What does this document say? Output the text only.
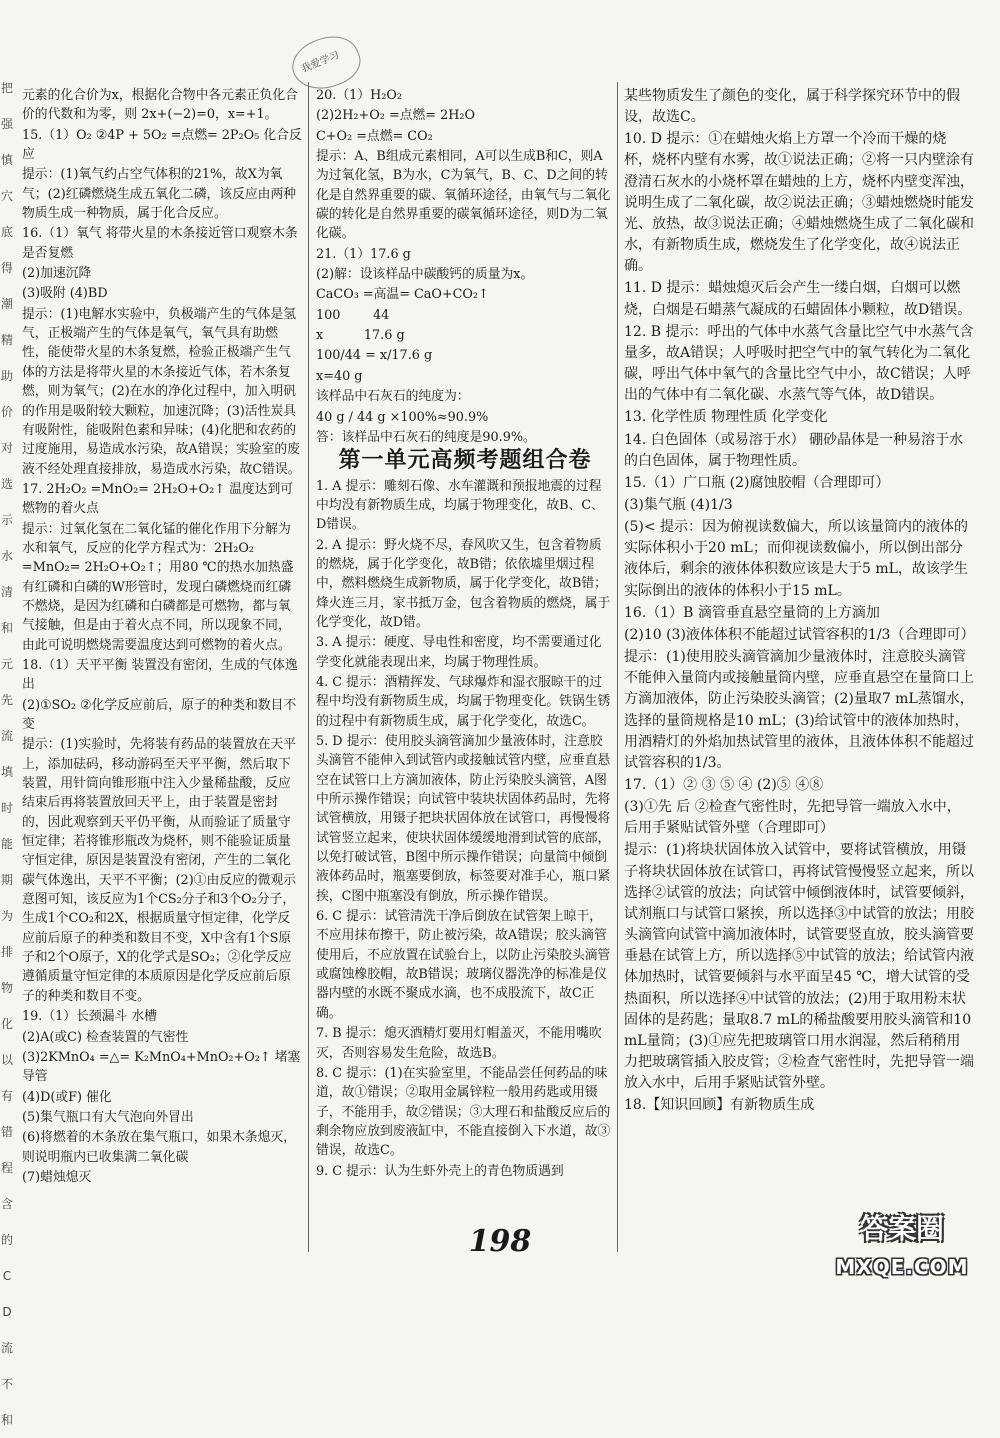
把
强
慎
穴
底
得
潮
精
助
价
对
选
示
水
清
和
元
先
流
填
时
能
期
为
排
物
化
以
有
错
程
含
的
C
D
流
不
和
我爱学习
元素的化合价为x，根据化合物中各元素正负化合价的代数和为零，则 2x+(−2)=0，x=+1。
15.（1）O₂ ②4P + 5O₂ =点燃= 2P₂O₅ 化合反应
提示：(1)氧气约占空气体积的21%，故X为氧气；(2)红磷燃烧生成五氧化二磷，该反应由两种物质生成一种物质，属于化合反应。
16.（1）氧气 将带火星的木条接近管口观察木条是否复燃
(2)加速沉降
(3)吸附 (4)BD
提示：(1)电解水实验中，负极端产生的气体是氢气，正极端产生的气体是氧气，氧气具有助燃性，能使带火星的木条复燃，检验正极端产生气体的方法是将带火星的木条接近气体，若木条复燃，则为氧气；(2)在水的净化过程中，加入明矾的作用是吸附较大颗粒，加速沉降；(3)活性炭具有吸附性，能吸附色素和异味；(4)化肥和农药的过度施用，易造成水污染，故A错误；实验室的废液不经处理直接排放，易造成水污染，故C错误。
17. 2H₂O₂ =MnO₂= 2H₂O+O₂↑ 温度达到可燃物的着火点
提示：过氧化氢在二氧化锰的催化作用下分解为水和氧气，反应的化学方程式为：2H₂O₂ =MnO₂= 2H₂O+O₂↑；用80 ℃的热水加热盛有红磷和白磷的W形管时，发现白磷燃烧而红磷不燃烧，是因为红磷和白磷都是可燃物，都与氧气接触，但是由于着火点不同，所以现象不同，由此可说明燃烧需要温度达到可燃物的着火点。
18.（1）天平平衡 装置没有密闭，生成的气体逸出
(2)①SO₂ ②化学反应前后，原子的种类和数目不变
提示：(1)实验时，先将装有药品的装置放在天平上，添加砝码，移动游码至天平平衡，然后取下装置，用针筒向锥形瓶中注入少量稀盐酸，反应结束后再将装置放回天平上，由于装置是密封的，因此观察到天平仍平衡，从而验证了质量守恒定律；若将锥形瓶改为烧杯，则不能验证质量守恒定律，原因是装置没有密闭，产生的二氧化碳气体逸出，天平不平衡；(2)①由反应的微观示意图可知，该反应为1个CS₂分子和3个O₂分子，生成1个CO₂和2X，根据质量守恒定律，化学反应前后原子的种类和数目不变，X中含有1个S原子和2个O原子，X的化学式是SO₂；②化学反应遵循质量守恒定律的本质原因是化学反应前后原子的种类和数目不变。
19.（1）长颈漏斗 水槽
(2)A(或C) 检查装置的气密性
(3)2KMnO₄ =△= K₂MnO₄+MnO₂+O₂↑ 堵塞导管
(4)D(或F) 催化
(5)集气瓶口有大气泡向外冒出
(6)将燃着的木条放在集气瓶口，如果木条熄灭，则说明瓶内已收集满二氧化碳
(7)蜡烛熄灭
20.（1）H₂O₂
(2)2H₂+O₂ =点燃= 2H₂O
C+O₂ =点燃= CO₂
提示：A、B组成元素相同，A可以生成B和C，则A为过氧化氢，B为水，C为氧气，B、C、D之间的转化是自然界重要的碳、氧循环途径，由氧气与二氧化碳的转化是自然界重要的碳氧循环途径，则D为二氧化碳。
21.（1）17.6 g
(2)解：设该样品中碳酸钙的质量为x。
CaCO₃ =高温= CaO+CO₂↑
100        44
x          17.6 g
100/44 = x/17.6 g
x=40 g
该样品中石灰石的纯度为：
40 g / 44 g ×100%≈90.9%
答：该样品中石灰石的纯度是90.9%。
第一单元高频考题组合卷
1. A 提示：雕刻石像、水车灌溉和预报地震的过程中均没有新物质生成，均属于物理变化，故B、C、D错误。
2. A 提示：野火烧不尽，春风吹又生，包含着物质的燃烧，属于化学变化，故B错；依依墟里烟过程中，燃料燃烧生成新物质，属于化学变化，故B错；烽火连三月，家书抵万金，包含着物质的燃烧，属于化学变化，故D错。
3. A 提示：硬度、导电性和密度，均不需要通过化学变化就能表现出来，均属于物理性质。
4. C 提示：酒精挥发、气球爆炸和湿衣服晾干的过程中均没有新物质生成，均属于物理变化。铁锅生锈的过程中有新物质生成，属于化学变化，故选C。
5. D 提示：使用胶头滴管滴加少量液体时，注意胶头滴管不能伸入到试管内或接触试管内壁，应垂直悬空在试管口上方滴加液体，防止污染胶头滴管，A图中所示操作错误；向试管中装块状固体药品时，先将试管横放，用镊子把块状固体放在试管口，再慢慢将试管竖立起来，使块状固体缓缓地滑到试管的底部，以免打破试管，B图中所示操作错误；向量筒中倾倒液体药品时，瓶塞要倒放，标签要对准手心，瓶口紧挨，C图中瓶塞没有倒放，所示操作错误。
6. C 提示：试管清洗干净后倒放在试管架上晾干，不应用抹布擦干，防止被污染，故A错误；胶头滴管使用后，不应放置在试验台上，以防止污染胶头滴管或腐蚀橡胶帽，故B错误；玻璃仪器洗净的标准是仪器内壁的水既不聚成水滴，也不成股流下，故C正确。
7. B 提示：熄灭酒精灯要用灯帽盖灭，不能用嘴吹灭，否则容易发生危险，故选B。
8. C 提示：(1)在实验室里，不能品尝任何药品的味道，故①错误；②取用金属锌粒一般用药匙或用镊子，不能用手，故②错误；③大理石和盐酸反应后的剩余物应放到废液缸中，不能直接倒入下水道，故③错误，故选C。
9. C 提示：认为生虾外壳上的青色物质遇到
某些物质发生了颜色的变化，属于科学探究环节中的假设，故选C。
10. D 提示：①在蜡烛火焰上方罩一个冷而干燥的烧杯，烧杯内壁有水雾，故①说法正确；②将一只内壁涂有澄清石灰水的小烧杯罩在蜡烛的上方，烧杯内壁变浑浊，说明生成了二氧化碳，故②说法正确；③蜡烛燃烧时能发光、放热，故③说法正确；④蜡烛燃烧生成了二氧化碳和水，有新物质生成，燃烧发生了化学变化，故④说法正确。
11. D 提示：蜡烛熄灭后会产生一缕白烟，白烟可以燃烧，白烟是石蜡蒸气凝成的石蜡固体小颗粒，故D错误。
12. B 提示：呼出的气体中水蒸气含量比空气中水蒸气含量多，故A错误；人呼吸时把空气中的氧气转化为二氧化碳，呼出气体中氧气的含量比空气中小，故C错误；人呼出的气体中有二氧化碳、水蒸气等气体，故D错误。
13. 化学性质 物理性质 化学变化
14. 白色固体（或易溶于水） 硼砂晶体是一种易溶于水的白色固体，属于物理性质。
15.（1）广口瓶 (2)腐蚀胶帽（合理即可）
(3)集气瓶 (4)1/3
(5)< 提示：因为俯视读数偏大，所以该量筒内的液体的实际体积小于20 mL；而仰视读数偏小，所以倒出部分液体后，剩余的液体体积数应该是大于5 mL，故该学生实际倒出的液体的体积小于15 mL。
16.（1）B 滴管垂直悬空量筒的上方滴加
(2)10 (3)液体体积不能超过试管容积的1/3（合理即可）
提示：(1)使用胶头滴管滴加少量液体时，注意胶头滴管不能伸入量筒内或接触量筒内壁，应垂直悬空在量筒口上方滴加液体，防止污染胶头滴管；(2)量取7 mL蒸馏水，选择的量筒规格是10 mL；(3)给试管中的液体加热时，用酒精灯的外焰加热试管里的液体，且液体体积不能超过试管容积的1/3。
17.（1）② ③ ⑤ ④ (2)⑤ ④⑧
(3)①先 后 ②检查气密性时，先把导管一端放入水中，后用手紧贴试管外壁（合理即可）
提示：(1)将块状固体放入试管中，要将试管横放，用镊子将块状固体放在试管口，再将试管慢慢竖立起来，所以选择②试管的放法；向试管中倾倒液体时，试管要倾斜，试剂瓶口与试管口紧挨，所以选择③中试管的放法；用胶头滴管向试管中滴加液体时，试管要竖直放，胶头滴管要垂悬在试管上方，所以选择⑤中试管的放法；给试管内液体加热时，试管要倾斜与水平面呈45 ℃，增大试管的受热面积，所以选择④中试管的放法；(2)用于取用粉末状固体的是药匙；量取8.7 mL的稀盐酸要用胶头滴管和10 mL量筒；(3)①应先把玻璃管口用水润湿，然后稍稍用力把玻璃管插入胶皮管；②检查气密性时，先把导管一端放入水中，后用手紧贴试管外壁。
18.【知识回顾】有新物质生成
198	答案圈
MXQE.COM
